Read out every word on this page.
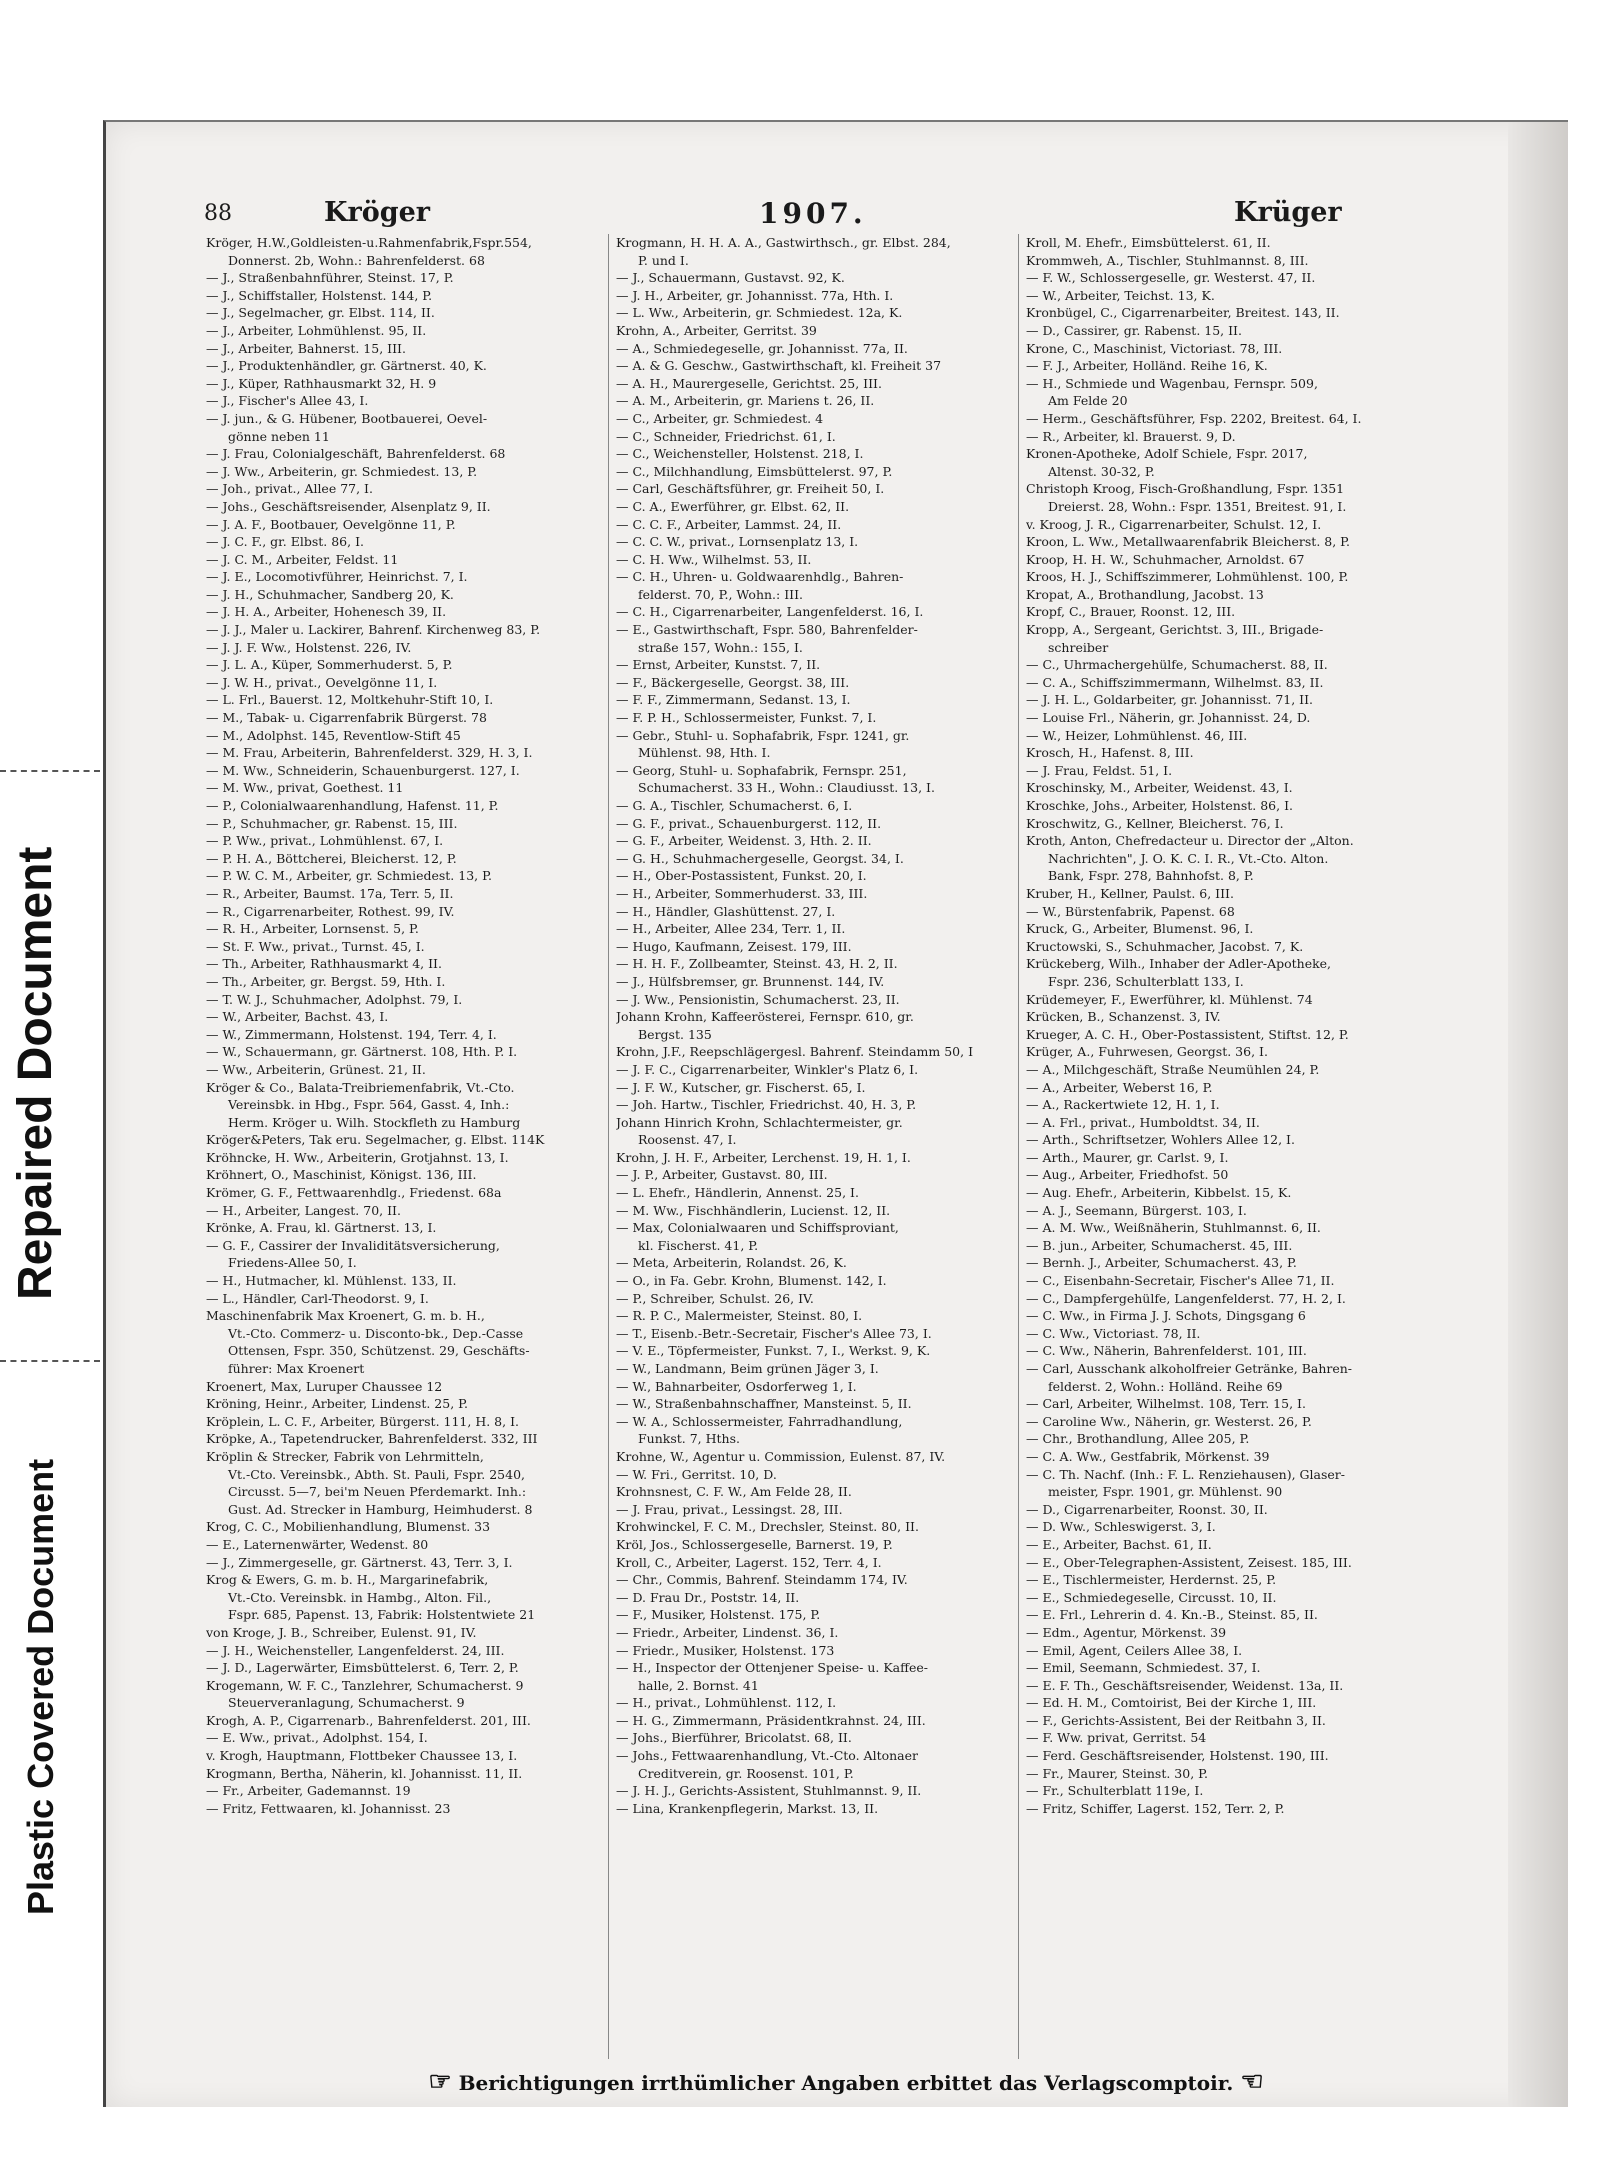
Repaired Document
Plastic Covered Document
88	Kröger	1907.	Krüger
Kröger, H.W.,Goldleisten-u.Rahmenfabrik,Fspr.554,
Donnerst. 2b, Wohn.: Bahrenfelderst. 68
— J., Straßenbahnführer, Steinst. 17, P.
— J., Schiffstaller, Holstenst. 144, P.
— J., Segelmacher, gr. Elbst. 114, II.
— J., Arbeiter, Lohmühlenst. 95, II.
— J., Arbeiter, Bahnerst. 15, III.
— J., Produktenhändler, gr. Gärtnerst. 40, K.
— J., Küper, Rathhausmarkt 32, H. 9
— J., Fischer's Allee 43, I.
— J. jun., & G. Hübener, Bootbauerei, Oevel-
gönne neben 11
— J. Frau, Colonialgeschäft, Bahrenfelderst. 68
— J. Ww., Arbeiterin, gr. Schmiedest. 13, P.
— Joh., privat., Allee 77, I.
— Johs., Geschäftsreisender, Alsenplatz 9, II.
— J. A. F., Bootbauer, Oevelgönne 11, P.
— J. C. F., gr. Elbst. 86, I.
— J. C. M., Arbeiter, Feldst. 11
— J. E., Locomotivführer, Heinrichst. 7, I.
— J. H., Schuhmacher, Sandberg 20, K.
— J. H. A., Arbeiter, Hohenesch 39, II.
— J. J., Maler u. Lackirer, Bahrenf. Kirchenweg 83, P.
— J. J. F. Ww., Holstenst. 226, IV.
— J. L. A., Küper, Sommerhuderst. 5, P.
— J. W. H., privat., Oevelgönne 11, I.
— L. Frl., Bauerst. 12, Moltkehuhr-Stift 10, I.
— M., Tabak- u. Cigarrenfabrik Bürgerst. 78
— M., Adolphst. 145, Reventlow-Stift 45
— M. Frau, Arbeiterin, Bahrenfelderst. 329, H. 3, I.
— M. Ww., Schneiderin, Schauenburgerst. 127, I.
— M. Ww., privat, Goethest. 11
— P., Colonialwaarenhandlung, Hafenst. 11, P.
— P., Schuhmacher, gr. Rabenst. 15, III.
— P. Ww., privat., Lohmühlenst. 67, I.
— P. H. A., Böttcherei, Bleicherst. 12, P.
— P. W. C. M., Arbeiter, gr. Schmiedest. 13, P.
— R., Arbeiter, Baumst. 17a, Terr. 5, II.
— R., Cigarrenarbeiter, Rothest. 99, IV.
— R. H., Arbeiter, Lornsenst. 5, P.
— St. F. Ww., privat., Turnst. 45, I.
— Th., Arbeiter, Rathhausmarkt 4, II.
— Th., Arbeiter, gr. Bergst. 59, Hth. I.
— T. W. J., Schuhmacher, Adolphst. 79, I.
— W., Arbeiter, Bachst. 43, I.
— W., Zimmermann, Holstenst. 194, Terr. 4, I.
— W., Schauermann, gr. Gärtnerst. 108, Hth. P. I.
— Ww., Arbeiterin, Grünest. 21, II.
Kröger & Co., Balata-Treibriemenfabrik, Vt.-Cto.
Vereinsbk. in Hbg., Fspr. 564, Gasst. 4, Inh.:
Herm. Kröger u. Wilh. Stockfleth zu Hamburg
Kröger&Peters, Tak eru. Segelmacher, g. Elbst. 114K
Kröhncke, H. Ww., Arbeiterin, Grotjahnst. 13, I.
Kröhnert, O., Maschinist, Königst. 136, III.
Krömer, G. F., Fettwaarenhdlg., Friedenst. 68a
— H., Arbeiter, Langest. 70, II.
Krönke, A. Frau, kl. Gärtnerst. 13, I.
— G. F., Cassirer der Invaliditätsversicherung,
Friedens-Allee 50, I.
— H., Hutmacher, kl. Mühlenst. 133, II.
— L., Händler, Carl-Theodorst. 9, I.
Maschinenfabrik Max Kroenert, G. m. b. H.,
Vt.-Cto. Commerz- u. Disconto-bk., Dep.-Casse
Ottensen, Fspr. 350, Schützenst. 29, Geschäfts-
führer: Max Kroenert
Kroenert, Max, Luruper Chaussee 12
Kröning, Heinr., Arbeiter, Lindenst. 25, P.
Kröplein, L. C. F., Arbeiter, Bürgerst. 111, H. 8, I.
Kröpke, A., Tapetendrucker, Bahrenfelderst. 332, III
Kröplin & Strecker, Fabrik von Lehrmitteln,
Vt.-Cto. Vereinsbk., Abth. St. Pauli, Fspr. 2540,
Circusst. 5—7, bei'm Neuen Pferdemarkt. Inh.:
Gust. Ad. Strecker in Hamburg, Heimhuderst. 8
Krog, C. C., Mobilienhandlung, Blumenst. 33
— E., Laternenwärter, Wedenst. 80
— J., Zimmergeselle, gr. Gärtnerst. 43, Terr. 3, I.
Krog & Ewers, G. m. b. H., Margarinefabrik,
Vt.-Cto. Vereinsbk. in Hambg., Alton. Fil.,
Fspr. 685, Papenst. 13, Fabrik: Holstentwiete 21
von Kroge, J. B., Schreiber, Eulenst. 91, IV.
— J. H., Weichensteller, Langenfelderst. 24, III.
— J. D., Lagerwärter, Eimsbüttelerst. 6, Terr. 2, P.
Krogemann, W. F. C., Tanzlehrer, Schumacherst. 9
Steuerveranlagung, Schumacherst. 9
Krogh, A. P., Cigarrenarb., Bahrenfelderst. 201, III.
— E. Ww., privat., Adolphst. 154, I.
v. Krogh, Hauptmann, Flottbeker Chaussee 13, I.
Krogmann, Bertha, Näherin, kl. Johannisst. 11, II.
— Fr., Arbeiter, Gademannst. 19
— Fritz, Fettwaaren, kl. Johannisst. 23
Krogmann, H. H. A. A., Gastwirthsch., gr. Elbst. 284,
P. und I.
— J., Schauermann, Gustavst. 92, K.
— J. H., Arbeiter, gr. Johannisst. 77a, Hth. I.
— L. Ww., Arbeiterin, gr. Schmiedest. 12a, K.
Krohn, A., Arbeiter, Gerritst. 39
— A., Schmiedegeselle, gr. Johannisst. 77a, II.
— A. & G. Geschw., Gastwirthschaft, kl. Freiheit 37
— A. H., Maurergeselle, Gerichtst. 25, III.
— A. M., Arbeiterin, gr. Mariens t. 26, II.
— C., Arbeiter, gr. Schmiedest. 4
— C., Schneider, Friedrichst. 61, I.
— C., Weichensteller, Holstenst. 218, I.
— C., Milchhandlung, Eimsbüttelerst. 97, P.
— Carl, Geschäftsführer, gr. Freiheit 50, I.
— C. A., Ewerführer, gr. Elbst. 62, II.
— C. C. F., Arbeiter, Lammst. 24, II.
— C. C. W., privat., Lornsenplatz 13, I.
— C. H. Ww., Wilhelmst. 53, II.
— C. H., Uhren- u. Goldwaarenhdlg., Bahren-
felderst. 70, P., Wohn.: III.
— C. H., Cigarrenarbeiter, Langenfelderst. 16, I.
— E., Gastwirthschaft, Fspr. 580, Bahrenfelder-
straße 157, Wohn.: 155, I.
— Ernst, Arbeiter, Kunstst. 7, II.
— F., Bäckergeselle, Georgst. 38, III.
— F. F., Zimmermann, Sedanst. 13, I.
— F. P. H., Schlossermeister, Funkst. 7, I.
— Gebr., Stuhl- u. Sophafabrik, Fspr. 1241, gr.
Mühlenst. 98, Hth. I.
— Georg, Stuhl- u. Sophafabrik, Fernspr. 251,
Schumacherst. 33 H., Wohn.: Claudiusst. 13, I.
— G. A., Tischler, Schumacherst. 6, I.
— G. F., privat., Schauenburgerst. 112, II.
— G. F., Arbeiter, Weidenst. 3, Hth. 2. II.
— G. H., Schuhmachergeselle, Georgst. 34, I.
— H., Ober-Postassistent, Funkst. 20, I.
— H., Arbeiter, Sommerhuderst. 33, III.
— H., Händler, Glashüttenst. 27, I.
— H., Arbeiter, Allee 234, Terr. 1, II.
— Hugo, Kaufmann, Zeisest. 179, III.
— H. H. F., Zollbeamter, Steinst. 43, H. 2, II.
— J., Hülfsbremser, gr. Brunnenst. 144, IV.
— J. Ww., Pensionistin, Schumacherst. 23, II.
Johann Krohn, Kaffeerösterei, Fernspr. 610, gr.
Bergst. 135
Krohn, J.F., Reepschlägergesl. Bahrenf. Steindamm 50, I
— J. F. C., Cigarrenarbeiter, Winkler's Platz 6, I.
— J. F. W., Kutscher, gr. Fischerst. 65, I.
— Joh. Hartw., Tischler, Friedrichst. 40, H. 3, P.
Johann Hinrich Krohn, Schlachtermeister, gr.
Roosenst. 47, I.
Krohn, J. H. F., Arbeiter, Lerchenst. 19, H. 1, I.
— J. P., Arbeiter, Gustavst. 80, III.
— L. Ehefr., Händlerin, Annenst. 25, I.
— M. Ww., Fischhändlerin, Lucienst. 12, II.
— Max, Colonialwaaren und Schiffsproviant,
kl. Fischerst. 41, P.
— Meta, Arbeiterin, Rolandst. 26, K.
— O., in Fa. Gebr. Krohn, Blumenst. 142, I.
— P., Schreiber, Schulst. 26, IV.
— R. P. C., Malermeister, Steinst. 80, I.
— T., Eisenb.-Betr.-Secretair, Fischer's Allee 73, I.
— V. E., Töpfermeister, Funkst. 7, I., Werkst. 9, K.
— W., Landmann, Beim grünen Jäger 3, I.
— W., Bahnarbeiter, Osdorferweg 1, I.
— W., Straßenbahnschaffner, Mansteinst. 5, II.
— W. A., Schlossermeister, Fahrradhandlung,
Funkst. 7, Hths.
Krohne, W., Agentur u. Commission, Eulenst. 87, IV.
— W. Fri., Gerritst. 10, D.
Krohnsnest, C. F. W., Am Felde 28, II.
— J. Frau, privat., Lessingst. 28, III.
Krohwinckel, F. C. M., Drechsler, Steinst. 80, II.
Kröl, Jos., Schlossergeselle, Barnerst. 19, P.
Kroll, C., Arbeiter, Lagerst. 152, Terr. 4, I.
— Chr., Commis, Bahrenf. Steindamm 174, IV.
— D. Frau Dr., Poststr. 14, II.
— F., Musiker, Holstenst. 175, P.
— Friedr., Arbeiter, Lindenst. 36, I.
— Friedr., Musiker, Holstenst. 173
— H., Inspector der Ottenjener Speise- u. Kaffee-
halle, 2. Bornst. 41
— H., privat., Lohmühlenst. 112, I.
— H. G., Zimmermann, Präsidentkrahnst. 24, III.
— Johs., Bierführer, Bricolatst. 68, II.
— Johs., Fettwaarenhandlung, Vt.-Cto. Altonaer
Creditverein, gr. Roosenst. 101, P.
— J. H. J., Gerichts-Assistent, Stuhlmannst. 9, II.
— Lina, Krankenpflegerin, Markst. 13, II.
Kroll, M. Ehefr., Eimsbüttelerst. 61, II.
Krommweh, A., Tischler, Stuhlmannst. 8, III.
— F. W., Schlossergeselle, gr. Westerst. 47, II.
— W., Arbeiter, Teichst. 13, K.
Kronbügel, C., Cigarrenarbeiter, Breitest. 143, II.
— D., Cassirer, gr. Rabenst. 15, II.
Krone, C., Maschinist, Victoriast. 78, III.
— F. J., Arbeiter, Holländ. Reihe 16, K.
— H., Schmiede und Wagenbau, Fernspr. 509,
Am Felde 20
— Herm., Geschäftsführer, Fsp. 2202, Breitest. 64, I.
— R., Arbeiter, kl. Brauerst. 9, D.
Kronen-Apotheke, Adolf Schiele, Fspr. 2017,
Altenst. 30-32, P.
Christoph Kroog, Fisch-Großhandlung, Fspr. 1351
Dreierst. 28, Wohn.: Fspr. 1351, Breitest. 91, I.
v. Kroog, J. R., Cigarrenarbeiter, Schulst. 12, I.
Kroon, L. Ww., Metallwaarenfabrik Bleicherst. 8, P.
Kroop, H. H. W., Schuhmacher, Arnoldst. 67
Kroos, H. J., Schiffszimmerer, Lohmühlenst. 100, P.
Kropat, A., Brothandlung, Jacobst. 13
Kropf, C., Brauer, Roonst. 12, III.
Kropp, A., Sergeant, Gerichtst. 3, III., Brigade-
schreiber
— C., Uhrmachergehülfe, Schumacherst. 88, II.
— C. A., Schiffszimmermann, Wilhelmst. 83, II.
— J. H. L., Goldarbeiter, gr. Johannisst. 71, II.
— Louise Frl., Näherin, gr. Johannisst. 24, D.
— W., Heizer, Lohmühlenst. 46, III.
Krosch, H., Hafenst. 8, III.
— J. Frau, Feldst. 51, I.
Kroschinsky, M., Arbeiter, Weidenst. 43, I.
Kroschke, Johs., Arbeiter, Holstenst. 86, I.
Kroschwitz, G., Kellner, Bleicherst. 76, I.
Kroth, Anton, Chefredacteur u. Director der „Alton.
Nachrichten", J. O. K. C. I. R., Vt.-Cto. Alton.
Bank, Fspr. 278, Bahnhofst. 8, P.
Kruber, H., Kellner, Paulst. 6, III.
— W., Bürstenfabrik, Papenst. 68
Kruck, G., Arbeiter, Blumenst. 96, I.
Kructowski, S., Schuhmacher, Jacobst. 7, K.
Krückeberg, Wilh., Inhaber der Adler-Apotheke,
Fspr. 236, Schulterblatt 133, I.
Krüdemeyer, F., Ewerführer, kl. Mühlenst. 74
Krücken, B., Schanzenst. 3, IV.
Krueger, A. C. H., Ober-Postassistent, Stiftst. 12, P.
Krüger, A., Fuhrwesen, Georgst. 36, I.
— A., Milchgeschäft, Straße Neumühlen 24, P.
— A., Arbeiter, Weberst 16, P.
— A., Rackertwiete 12, H. 1, I.
— A. Frl., privat., Humboldtst. 34, II.
— Arth., Schriftsetzer, Wohlers Allee 12, I.
— Arth., Maurer, gr. Carlst. 9, I.
— Aug., Arbeiter, Friedhofst. 50
— Aug. Ehefr., Arbeiterin, Kibbelst. 15, K.
— A. J., Seemann, Bürgerst. 103, I.
— A. M. Ww., Weißnäherin, Stuhlmannst. 6, II.
— B. jun., Arbeiter, Schumacherst. 45, III.
— Bernh. J., Arbeiter, Schumacherst. 43, P.
— C., Eisenbahn-Secretair, Fischer's Allee 71, II.
— C., Dampfergehülfe, Langenfelderst. 77, H. 2, I.
— C. Ww., in Firma J. J. Schots, Dingsgang 6
— C. Ww., Victoriast. 78, II.
— C. Ww., Näherin, Bahrenfelderst. 101, III.
— Carl, Ausschank alkoholfreier Getränke, Bahren-
felderst. 2, Wohn.: Holländ. Reihe 69
— Carl, Arbeiter, Wilhelmst. 108, Terr. 15, I.
— Caroline Ww., Näherin, gr. Westerst. 26, P.
— Chr., Brothandlung, Allee 205, P.
— C. A. Ww., Gestfabrik, Mörkenst. 39
— C. Th. Nachf. (Inh.: F. L. Renziehausen), Glaser-
meister, Fspr. 1901, gr. Mühlenst. 90
— D., Cigarrenarbeiter, Roonst. 30, II.
— D. Ww., Schleswigerst. 3, I.
— E., Arbeiter, Bachst. 61, II.
— E., Ober-Telegraphen-Assistent, Zeisest. 185, III.
— E., Tischlermeister, Herdernst. 25, P.
— E., Schmiedegeselle, Circusst. 10, II.
— E. Frl., Lehrerin d. 4. Kn.-B., Steinst. 85, II.
— Edm., Agentur, Mörkenst. 39
— Emil, Agent, Ceilers Allee 38, I.
— Emil, Seemann, Schmiedest. 37, I.
— E. F. Th., Geschäftsreisender, Weidenst. 13a, II.
— Ed. H. M., Comtoirist, Bei der Kirche 1, III.
— F., Gerichts-Assistent, Bei der Reitbahn 3, II.
— F. Ww. privat, Gerritst. 54
— Ferd. Geschäftsreisender, Holstenst. 190, III.
— Fr., Maurer, Steinst. 30, P.
— Fr., Schulterblatt 119e, I.
— Fritz, Schiffer, Lagerst. 152, Terr. 2, P.
☞ Berichtigungen irrthümlicher Angaben erbittet das Verlagscomptoir. ☜
